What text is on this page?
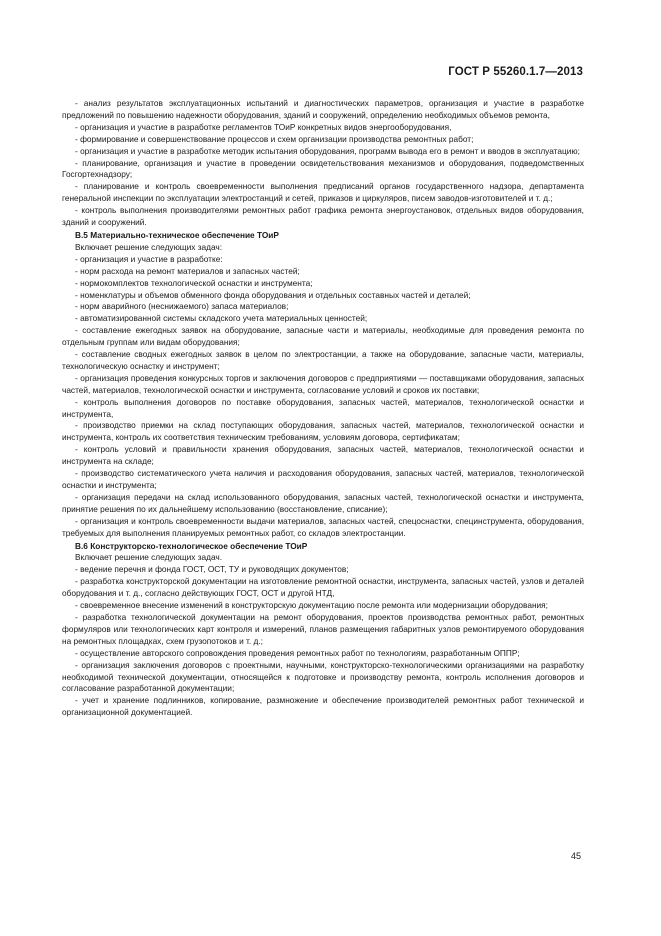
ГОСТ Р 55260.1.7—2013

- анализ результатов эксплуатационных испытаний и диагностических параметров, организация и участие в разработке предложений по повышению надежности оборудования, зданий и сооружений, определению необходимых объемов ремонта,

- организация и участие в разработке регламентов ТОиР конкретных видов энергооборудования,

- формирование и совершенствование процессов и схем организации производства ремонтных работ;

- организация и участие в разработке методик испытания оборудования, программ вывода его в ремонт и вводов в эксплуатацию;

- планирование, организация и участие в проведении освидетельствования механизмов и оборудования, подведомственных Госгортехнадзору;

- планирование и контроль своевременности выполнения предписаний органов государственного надзора, департамента генеральной инспекции по эксплуатации электростанций и сетей, приказов и циркуляров, писем заводов-изготовителей и т. д.;

- контроль выполнения производителями ремонтных работ графика ремонта энергоустановок, отдельных видов оборудования, зданий и сооружений.

В.5 Материально-техническое обеспечение ТОиР

Включает решение следующих задач:

- организация и участие в разработке:

- норм расхода на ремонт материалов и запасных частей;

- нормокомплектов технологической оснастки и инструмента;

- номенклатуры и объемов обменного фонда оборудования и отдельных составных частей и деталей;

- норм аварийного (неснижаемого) запаса материалов;

- автоматизированной системы складского учета материальных ценностей;

- составление ежегодных заявок на оборудование, запасные части и материалы, необходимые для проведения ремонта по отдельным группам или видам оборудования;

- составление сводных ежегодных заявок в целом по электростанции, а также на оборудование, запасные части, материалы, технологическую оснастку и инструмент;

- организация проведения конкурсных торгов и заключения договоров с предприятиями — поставщиками оборудования, запасных частей, материалов, технологической оснастки и инструмента, согласование условий и сроков их поставки;

- контроль выполнения договоров по поставке оборудования, запасных частей, материалов, технологической оснастки и инструмента,

- производство приемки на склад поступающих оборудования, запасных частей, материалов, технологической оснастки и инструмента, контроль их соответствия техническим требованиям, условиям договора, сертификатам;

- контроль условий и правильности хранения оборудования, запасных частей, материалов, технологической оснастки и инструмента на складе;

- производство систематического учета наличия и расходования оборудования, запасных частей, материалов, технологической оснастки и инструмента;

- организация передачи на склад использованного оборудования, запасных частей, технологической оснастки и инструмента, принятие решения по их дальнейшему использованию (восстановление, списание);

- организация и контроль своевременности выдачи материалов, запасных частей, спецоснастки, специнструмента, оборудования, требуемых для выполнения планируемых ремонтных работ, со складов электростанции.

В.6 Конструкторско-технологическое обеспечение ТОиР

Включает решение следующих задач.

- ведение перечня и фонда ГОСТ, ОСТ, ТУ и руководящих документов;

- разработка конструкторской документации на изготовление ремонтной оснастки, инструмента, запасных частей, узлов и деталей оборудования и т. д., согласно действующих ГОСТ, ОСТ и другой НТД,

- своевременное внесение изменений в конструкторскую документацию после ремонта или модернизации оборудования;

- разработка технологической документации на ремонт оборудования, проектов производства ремонтных работ, ремонтных формуляров или технологических карт контроля и измерений, планов размещения габаритных узлов ремонтируемого оборудования на ремонтных площадках, схем грузопотоков и т. д.;

- осуществление авторского сопровождения проведения ремонтных работ по технологиям, разработанным ОППР;

- организация заключения договоров с проектными, научными, конструкторско-технологическими организациями на разработку необходимой технической документации, относящейся к подготовке и производству ремонта, контроль исполнения договоров и согласование разработанной документации;

- учет и хранение подлинников, копирование, размножение и обеспечение производителей ремонтных работ технической и организационной документацией.

45
